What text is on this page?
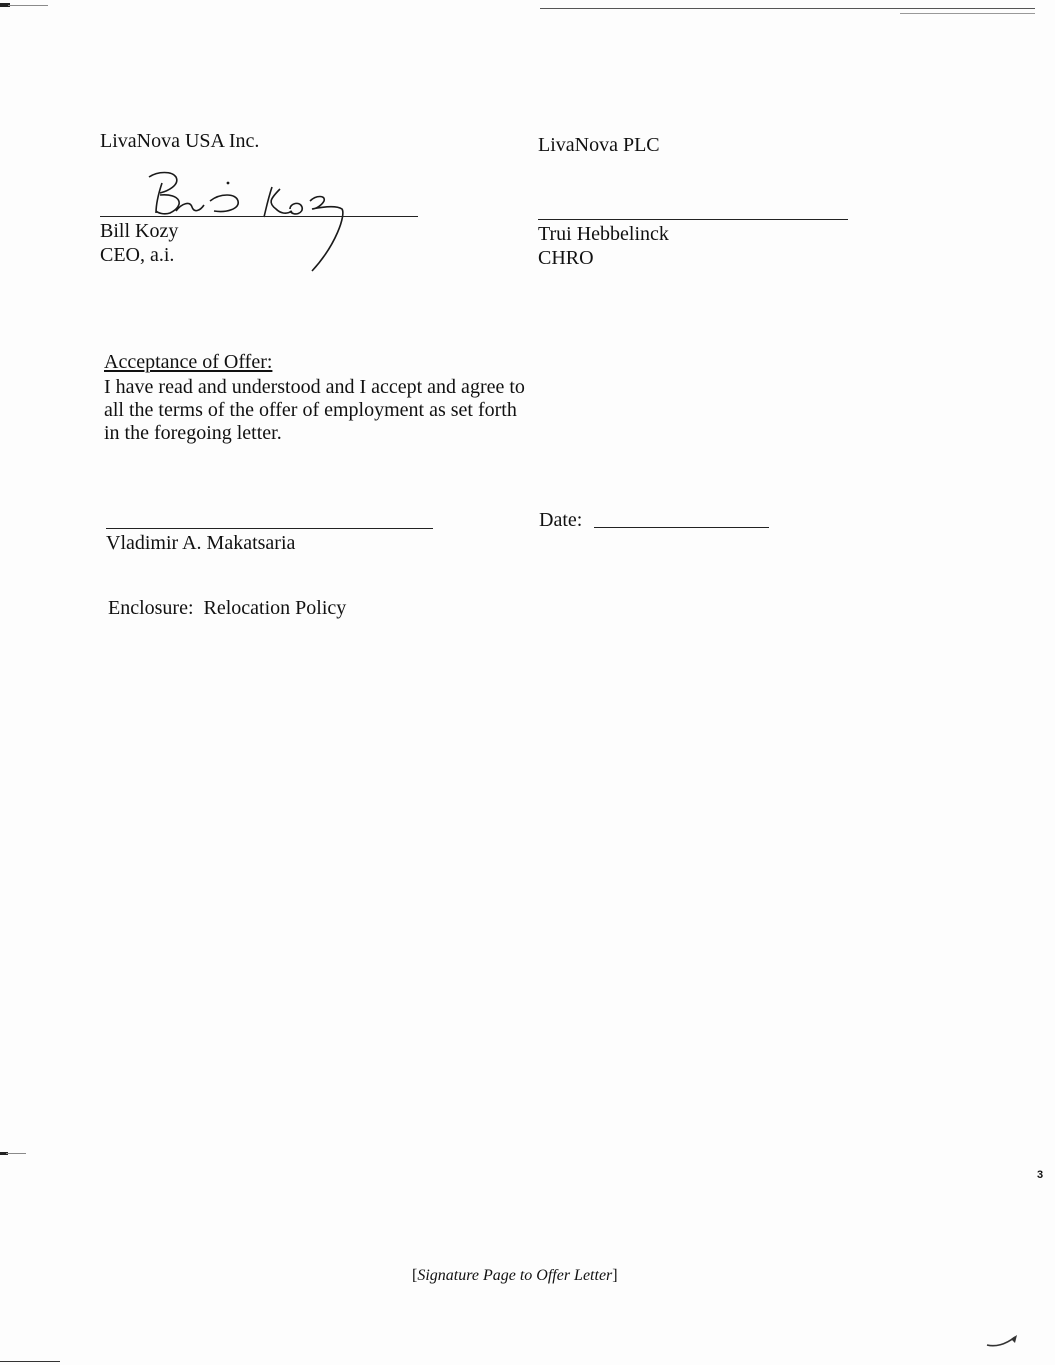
LivaNova USA Inc.
Bill Kozy
CEO, a.i.
LivaNova PLC
Trui Hebbelinck
CHRO
Acceptance of Offer:
I have read and understood and I accept and agree to
all the terms of the offer of employment as set forth
in the foregoing letter.
Vladimir A. Makatsaria
Date:
Enclosure:  Relocation Policy
3
[Signature Page to Offer Letter]
